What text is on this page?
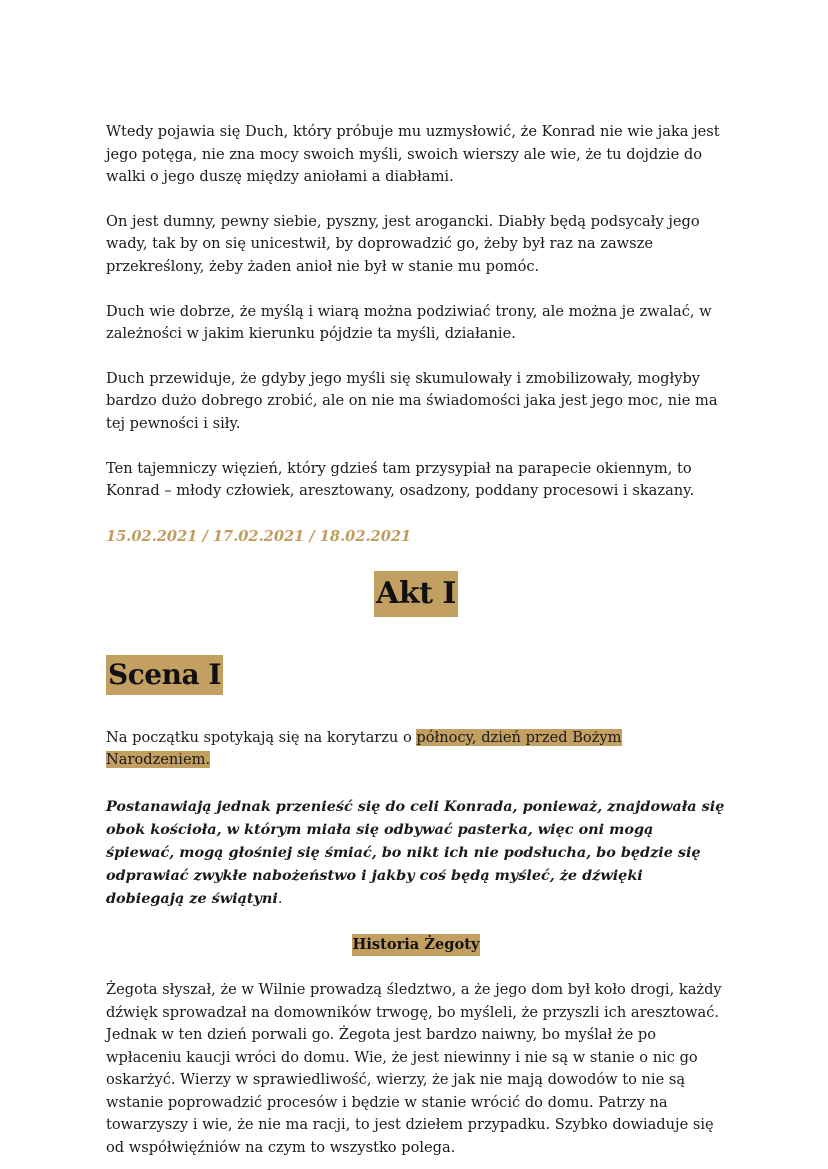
Wtedy pojawia się Duch, który próbuje mu uzmysłowić, że Konrad nie wie jaka jest jego potęga, nie zna mocy swoich myśli, swoich wierszy ale wie, że tu dojdzie do walki o jego duszę między aniołami a diabłami.

On jest dumny, pewny siebie, pyszny, jest arogancki. Diabły będą podsycały jego wady, tak by on się unicestwił, by doprowadzić go, żeby był raz na zawsze przekreślony, żeby żaden anioł nie był w stanie mu pomóc.

Duch wie dobrze, że myślą i wiarą można podziwiać trony, ale można je zwalać, w zależności w jakim kierunku pójdzie ta myśli, działanie.

Duch przewiduje, że gdyby jego myśli się skumulowały i zmobilizowały, mogłyby bardzo dużo dobrego zrobić, ale on nie ma świadomości jaka jest jego moc, nie ma tej pewności i siły.

Ten tajemniczy więzień, który gdzieś tam przysypiał na parapecie okiennym, to Konrad – młody człowiek, aresztowany, osadzony, poddany procesowi i skazany.

15.02.2021 / 17.02.2021 / 18.02.2021

Akt I
Scena I

Na początku spotykają się na korytarzu o północy, dzień przed Bożym Narodzeniem.

Postanawiają jednak przenieść się do celi Konrada, ponieważ, znajdowała się obok kościoła, w którym miała się odbywać pasterka, więc oni mogą śpiewać, mogą głośniej się śmiać, bo nikt ich nie podsłucha, bo będzie się odprawiać zwykłe nabożeństwo i jakby coś będą myśleć, że dźwięki dobiegają ze świątyni.

Historia Żegoty

Żegota słyszał, że w Wilnie prowadzą śledztwo, a że jego dom był koło drogi, każdy dźwięk sprowadzał na domowników trwogę, bo myśleli, że przyszli ich aresztować. Jednak w ten dzień porwali go. Żegota jest bardzo naiwny, bo myślał że po wpłaceniu kaucji wróci do domu. Wie, że jest niewinny i nie są w stanie o nic go oskarżyć. Wierzy w sprawiedliwość, wierzy, że jak nie mają dowodów to nie są wstanie poprowadzić procesów i będzie w stanie wrócić do domu. Patrzy na towarzyszy i wie, że nie ma racji, to jest dziełem przypadku. Szybko dowiaduje się od współwięźniów na czym to wszystko polega.
